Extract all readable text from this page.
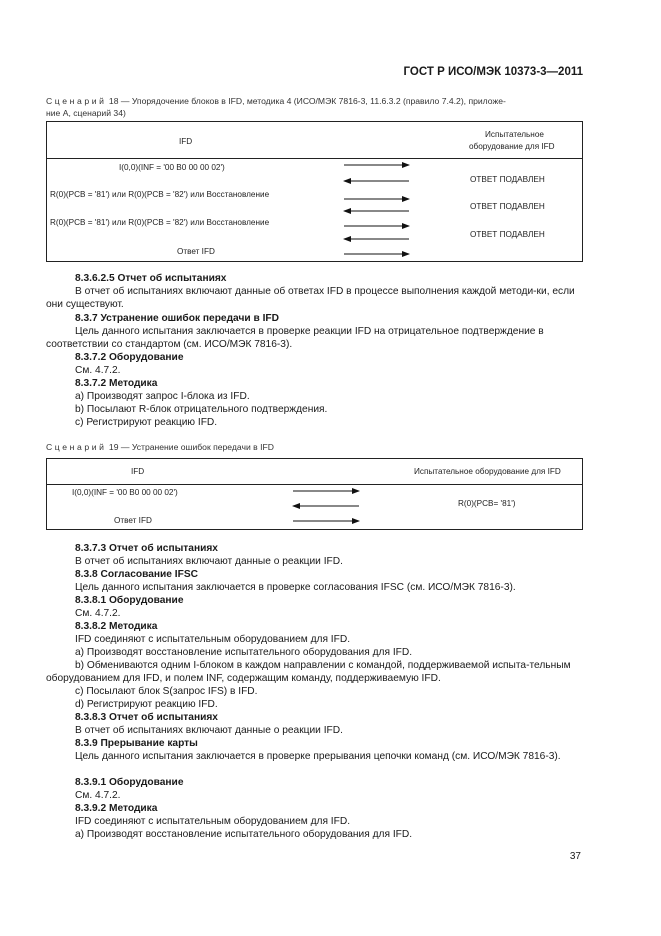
ГОСТ Р ИСО/МЭК 10373-3—2011
Сценарий 18 — Упорядочение блоков в IFD, методика 4 (ИСО/МЭК 7816-3, 11.6.3.2 (правило 7.4.2), приложе-
ние А, сценарий 34)
IFD
Испытательное
оборудование для IFD
I(0,0)(INF = '00 B0 00 00 02')
ОТВЕТ ПОДАВЛЕН
R(0)(PCB = '81') или R(0)(PCB = '82') или Восстановление
ОТВЕТ ПОДАВЛЕН
R(0)(PCB = '81') или R(0)(PCB = '82') или Восстановление
ОТВЕТ ПОДАВЛЕН
Ответ IFD
8.3.6.2.5 Отчет об испытаниях
В отчет об испытаниях включают данные об ответах IFD в процессе выполнения каждой методи-ки, если они существуют.
8.3.7 Устранение ошибок передачи в IFD
Цель данного испытания заключается в проверке реакции IFD на отрицательное подтверждение в соответствии со стандартом (см. ИСО/МЭК 7816-3).
8.3.7.2 Оборудование
См. 4.7.2.
8.3.7.2 Методика
a) Производят запрос I-блока из IFD.
b) Посылают R-блок отрицательного подтверждения.
c) Регистрируют реакцию IFD.
Сценарий 19 — Устранение ошибок передачи в IFD
IFD	Испытательное оборудование для IFD
I(0,0)(INF = '00 B0 00 00 02')
R(0)(PCB= '81')
Ответ IFD
8.3.7.3 Отчет об испытаниях
В отчет об испытаниях включают данные о реакции IFD.
8.3.8 Согласование IFSC
Цель данного испытания заключается в проверке согласования IFSC (см. ИСО/МЭК 7816-3).
8.3.8.1 Оборудование
См. 4.7.2.
8.3.8.2 Методика
IFD соединяют с испытательным оборудованием для IFD.
a) Производят восстановление испытательного оборудования для IFD.
b) Обмениваются одним I-блоком в каждом направлении с командой, поддерживаемой испыта-тельным оборудованием для IFD, и полем INF, содержащим команду, поддерживаемую IFD.
c) Посылают блок S(запрос IFS) в IFD.
d) Регистрируют реакцию IFD.
8.3.8.3 Отчет об испытаниях
В отчет об испытаниях включают данные о реакции IFD.
8.3.9 Прерывание карты
Цель данного испытания заключается в проверке прерывания цепочки команд (см. ИСО/МЭК 7816-3).
8.3.9.1 Оборудование
См. 4.7.2.
8.3.9.2 Методика
IFD соединяют с испытательным оборудованием для IFD.
a) Производят восстановление испытательного оборудования для IFD.
37
